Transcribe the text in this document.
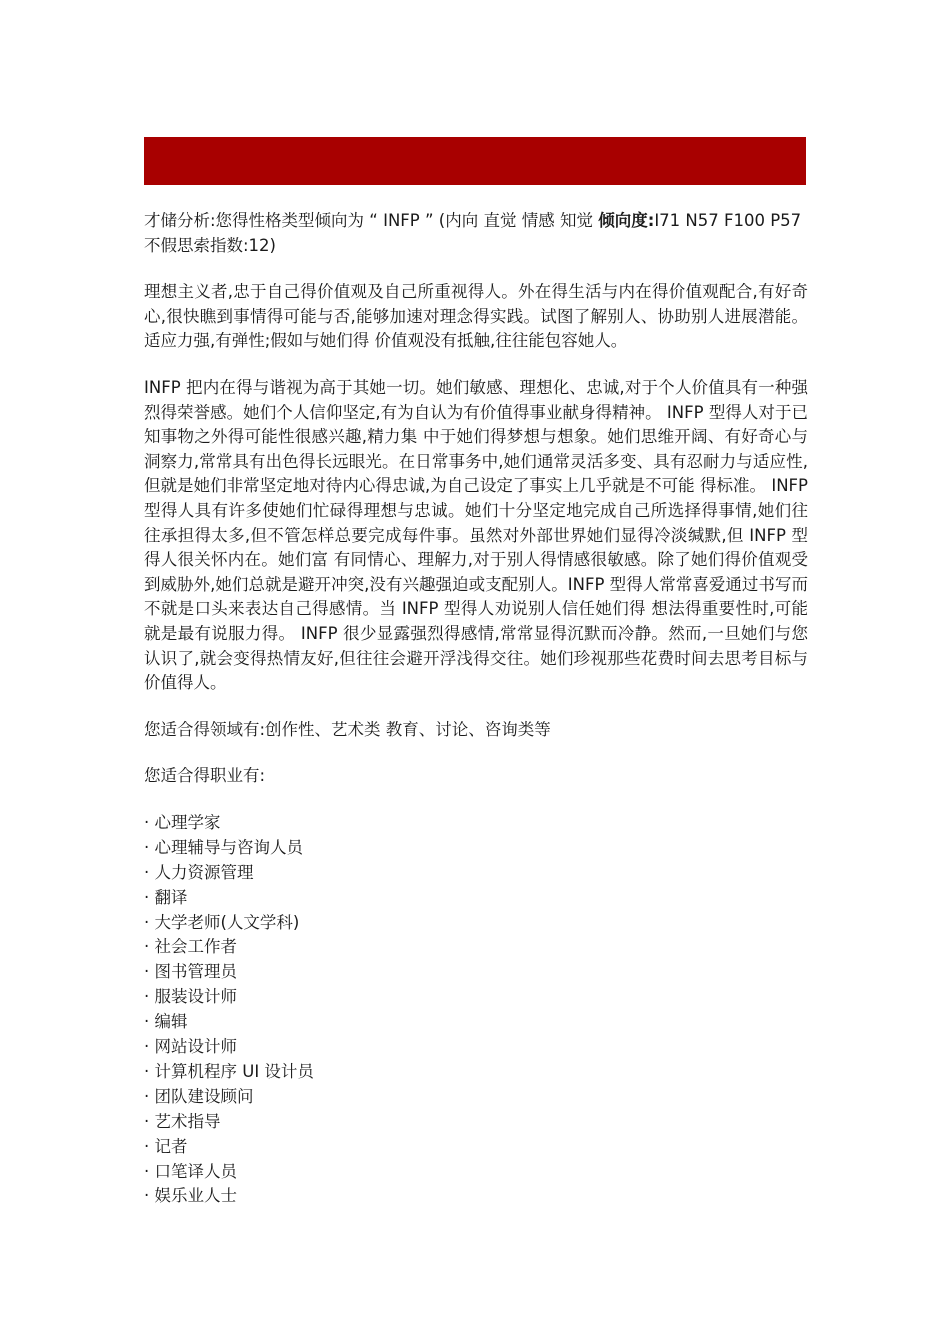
才储分析:您得性格类型倾向为 “ INFP ” (内向 直觉 情感 知觉 倾向度:I71 N57 F100 P57 不假思索指数:12)

理想主义者,忠于自己得价值观及自己所重视得人。外在得生活与内在得价值观配合,有好奇心,很快瞧到事情得可能与否,能够加速对理念得实践。试图了解别人、协助别人进展潜能。适应力强,有弹性;假如与她们得 价值观没有抵触,往往能包容她人。

INFP 把内在得与谐视为高于其她一切。她们敏感、理想化、忠诚,对于个人价值具有一种强烈得荣誉感。她们个人信仰坚定,有为自认为有价值得事业献身得精神。 INFP 型得人对于已知事物之外得可能性很感兴趣,精力集 中于她们得梦想与想象。她们思维开阔、有好奇心与洞察力,常常具有出色得长远眼光。在日常事务中,她们通常灵活多变、具有忍耐力与适应性,但就是她们非常坚定地对待内心得忠诚,为自己设定了事实上几乎就是不可能 得标准。 INFP 型得人具有许多使她们忙碌得理想与忠诚。她们十分坚定地完成自己所选择得事情,她们往往承担得太多,但不管怎样总要完成每件事。虽然对外部世界她们显得冷淡缄默,但 INFP 型得人很关怀内在。她们富 有同情心、理解力,对于别人得情感很敏感。除了她们得价值观受到威胁外,她们总就是避开冲突,没有兴趣强迫或支配别人。INFP 型得人常常喜爱通过书写而不就是口头来表达自己得感情。当 INFP 型得人劝说别人信任她们得 想法得重要性时,可能就是最有说服力得。 INFP 很少显露强烈得感情,常常显得沉默而冷静。然而,一旦她们与您认识了,就会变得热情友好,但往往会避开浮浅得交往。她们珍视那些花费时间去思考目标与价值得人。

您适合得领域有:创作性、艺术类 教育、讨论、咨询类等

您适合得职业有:

· 心理学家
· 心理辅导与咨询人员
· 人力资源管理
· 翻译
· 大学老师(人文学科)
· 社会工作者
· 图书管理员
· 服装设计师
· 编辑
· 网站设计师
· 计算机程序 UI 设计员
· 团队建设顾问
· 艺术指导
· 记者
· 口笔译人员
· 娱乐业人士
